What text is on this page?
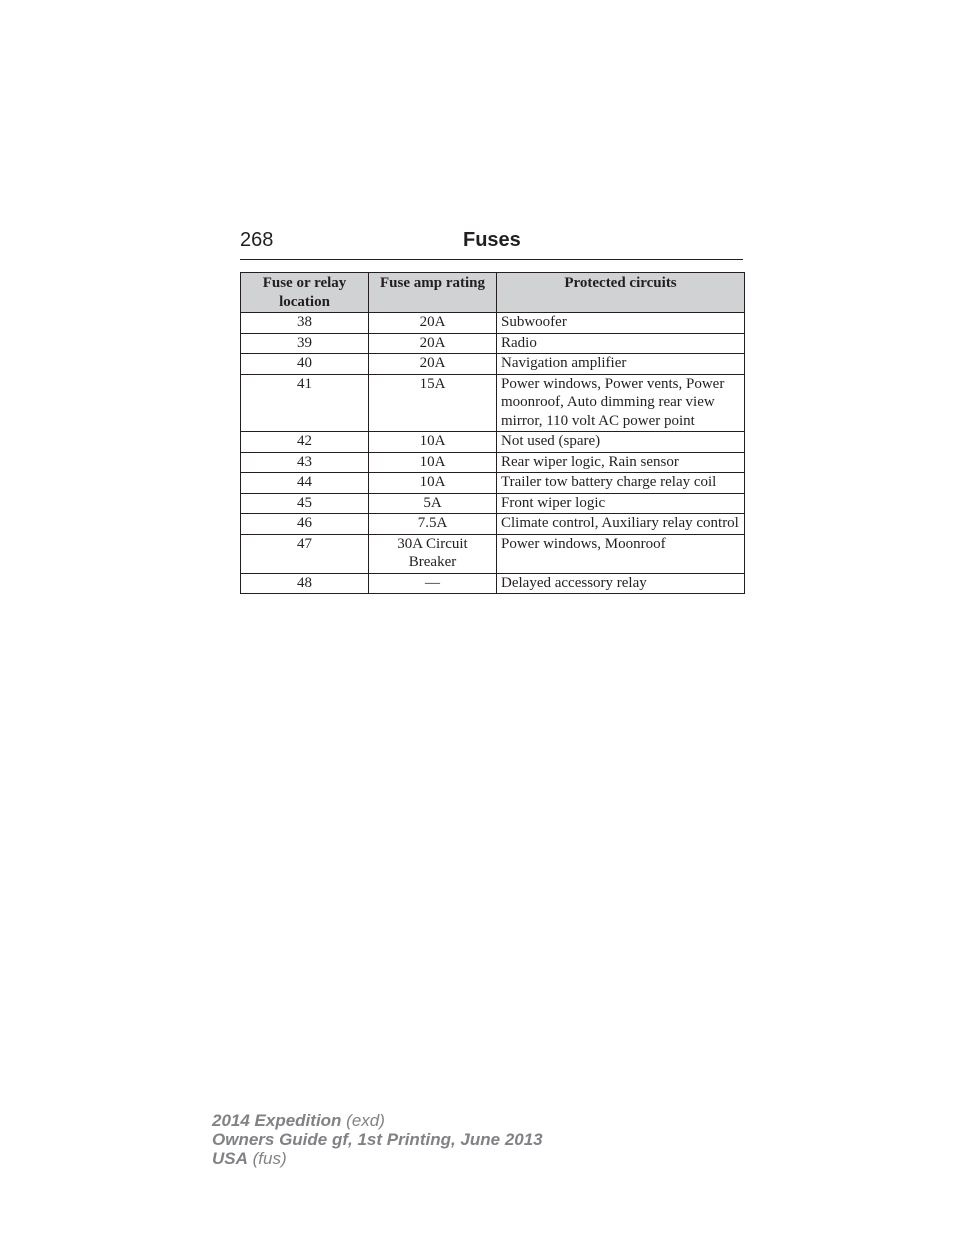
268	Fuses
Fuse or relay location	Fuse amp rating	Protected circuits
38	20A	Subwoofer
39	20A	Radio
40	20A	Navigation amplifier
41	15A	Power windows, Power vents, Power moonroof, Auto dimming rear view mirror, 110 volt AC power point
42	10A	Not used (spare)
43	10A	Rear wiper logic, Rain sensor
44	10A	Trailer tow battery charge relay coil
45	5A	Front wiper logic
46	7.5A	Climate control, Auxiliary relay control
47	30A Circuit Breaker	Power windows, Moonroof
48	—	Delayed accessory relay
2014 Expedition (exd)
Owners Guide gf, 1st Printing, June 2013
USA (fus)
